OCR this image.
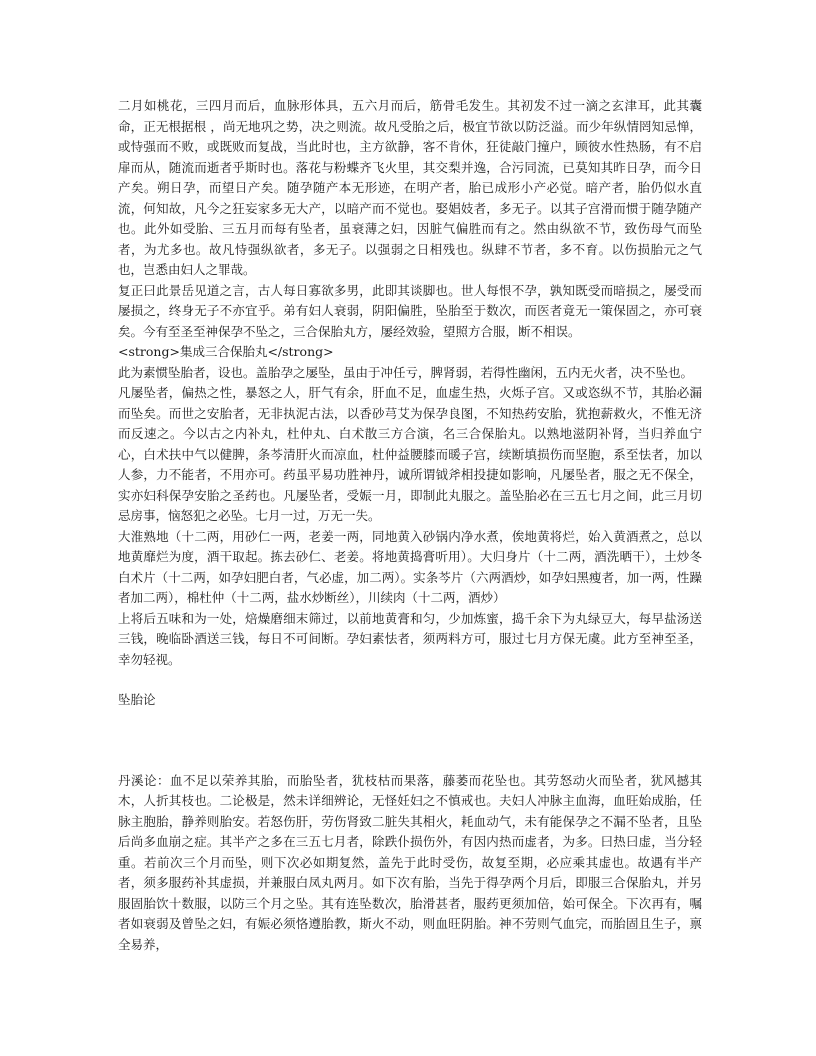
二月如桃花，三四月而后，血脉形体具，五六月而后，筋骨毛发生。其初发不过一滴之玄津耳，此其囊命，正无根据根 ，尚无地巩之势，决之则流。故凡受胎之后，极宜节欲以防泛溢。而少年纵情罔知忌惮，或恃强而不败，或既败而复战，当此时也，主方欲静，客不肯休，狂徒敲门撞户，顾彼水性热肠，有不启扉而从，随流而逝者乎斯时也。落花与粉蝶齐飞火里，其交梨并逸，合污同流，已莫知其昨日孕，而今日产矣。朔日孕，而望日产矣。随孕随产本无形迹，在明产者，胎已成形小产必觉。暗产者，胎仍似水直流，何知故，凡今之狂妄家多无大产，以暗产而不觉也。娶娼妓者，多无子。以其子宫滑而惯于随孕随产也。此外如受胎、三五月而每有坠者，虽衰薄之妇，因脏气偏胜而有之。然由纵欲不节，致伤母气而坠者，为尤多也。故凡恃强纵欲者，多无子。以强弱之日相残也。纵肆不节者，多不育。以伤损胎元之气也，岂悉由妇人之罪哉。

复正曰此景岳见道之言，古人每日寡欲多男，此即其谈脚也。世人每恨不孕，孰知既受而暗损之，屡受而屡损之，终身无子不亦宜乎。弟有妇人衰弱，阴阳偏胜，坠胎至于数次，而医者竟无一策保固之，亦可衰矣。今有至圣至神保孕不坠之，三合保胎丸方，屡经效验，望照方合服，断不相误。

<strong>集成三合保胎丸</strong>

此为素惯坠胎者，设也。盖胎孕之屡坠，虽由于冲任亏，脾肾弱，若得性幽闲，五内无火者，决不坠也。

凡屡坠者，偏热之性，暴怒之人，肝气有余，肝血不足，血虚生热，火烁子宫。又或恣纵不节，其胎必漏而坠矣。而世之安胎者，无非执泥古法，以香砂芎艾为保孕良图，不知热药安胎，犹抱薪救火，不惟无济而反速之。今以古之内补丸，杜仲丸、白术散三方合演，名三合保胎丸。以熟地滋阴补肾，当归养血宁心，白术扶中气以健脾，条芩清肝火而凉血，杜仲益腰膝而暖子宫，续断填损伤而坚胞，系至怯者，加以人参，力不能者，不用亦可。药虽平易功胜神丹，诚所谓钺斧相投捷如影响，凡屡坠者，服之无不保全，实亦妇科保孕安胎之圣药也。凡屡坠者，受娠一月，即制此丸服之。盖坠胎必在三五七月之间，此三月切忌房事，恼怒犯之必坠。七月一过，万无一失。

大淮熟地（十二两，用砂仁一两，老姜一两，同地黄入砂锅内净水煮，俟地黄将烂，始入黄酒煮之，总以地黄靡烂为度，酒干取起。拣去砂仁、老姜。将地黄捣膏听用）。大归身片（十二两，酒洗晒干），土炒冬白术片（十二两，如孕妇肥白者，气必虚，加二两）。实条芩片（六两酒炒，如孕妇黑瘦者，加一两，性躁者加二两），棉杜仲（十二两，盐水炒断丝），川续肉（十二两，酒炒）

上将后五味和为一处，焙燥磨细末筛过，以前地黄膏和匀，少加炼蜜，捣千余下为丸绿豆大，每早盐汤送三钱，晚临卧酒送三钱，每日不可间断。孕妇素怯者，须两料方可，服过七月方保无虞。此方至神至圣，幸勿轻视。

坠胎论

丹溪论：血不足以荣养其胎，而胎坠者，犹枝枯而果落，藤萎而花坠也。其劳怒动火而坠者，犹风撼其木，人折其枝也。二论极是，然未详细辨论，无怪妊妇之不慎戒也。夫妇人冲脉主血海，血旺始成胎，任脉主胞胎，静养则胎安。若怒伤肝，劳伤肾致二脏失其相火，耗血动气，未有能保孕之不漏不坠者，且坠后尚多血崩之症。其半产之多在三五七月者，除跌仆损伤外，有因内热而虚者，为多。曰热曰虚，当分轻重。若前次三个月而坠，则下次必如期复然，盖先于此时受伤，故复至期，必应乘其虚也。故遇有半产者，须多服药补其虚损，并兼服白凤丸两月。如下次有胎，当先于得孕两个月后，即服三合保胎丸，并另服固胎饮十数服，以防三个月之坠。其有连坠数次，胎滑甚者，服药更须加倍，始可保全。下次再有，嘱者如衰弱及曾坠之妇，有娠必须恪遵胎教，斯火不动，则血旺阴胎。神不劳则气血完，而胎固且生子，禀全易养，
